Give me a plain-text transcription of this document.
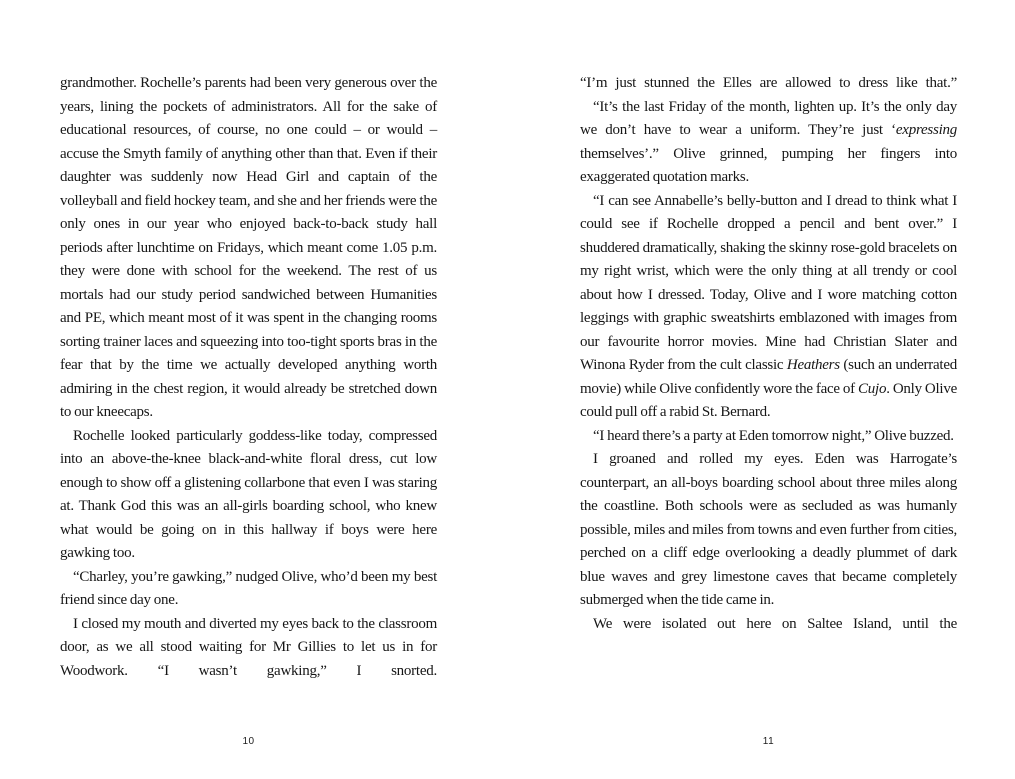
grandmother. Rochelle’s parents had been very generous over the years, lining the pockets of administrators. All for the sake of educational resources, of course, no one could – or would – accuse the Smyth family of anything other than that. Even if their daughter was suddenly now Head Girl and captain of the volleyball and field hockey team, and she and her friends were the only ones in our year who enjoyed back-to-back study hall periods after lunchtime on Fridays, which meant come 1.05 p.m. they were done with school for the weekend. The rest of us mortals had our study period sandwiched between Humanities and PE, which meant most of it was spent in the changing rooms sorting trainer laces and squeezing into too-tight sports bras in the fear that by the time we actually developed anything worth admiring in the chest region, it would already be stretched down to our kneecaps.

Rochelle looked particularly goddess-like today, compressed into an above-the-knee black-and-white floral dress, cut low enough to show off a glistening collarbone that even I was staring at. Thank God this was an all-girls boarding school, who knew what would be going on in this hallway if boys were here gawking too.

“Charley, you’re gawking,” nudged Olive, who’d been my best friend since day one.

I closed my mouth and diverted my eyes back to the classroom door, as we all stood waiting for Mr Gillies to let us in for Woodwork. “I wasn’t gawking,” I snorted.

“I’m just stunned the Elles are allowed to dress like that.”

“It’s the last Friday of the month, lighten up. It’s the only day we don’t have to wear a uniform. They’re just ‘expressing themselves’.” Olive grinned, pumping her fingers into exaggerated quotation marks.

“I can see Annabelle’s belly-button and I dread to think what I could see if Rochelle dropped a pencil and bent over.” I shuddered dramatically, shaking the skinny rose-gold bracelets on my right wrist, which were the only thing at all trendy or cool about how I dressed. Today, Olive and I wore matching cotton leggings with graphic sweatshirts emblazoned with images from our favourite horror movies. Mine had Christian Slater and Winona Ryder from the cult classic Heathers (such an underrated movie) while Olive confidently wore the face of Cujo. Only Olive could pull off a rabid St. Bernard.

“I heard there’s a party at Eden tomorrow night,” Olive buzzed.

I groaned and rolled my eyes. Eden was Harrogate’s counterpart, an all-boys boarding school about three miles along the coastline. Both schools were as secluded as was humanly possible, miles and miles from towns and even further from cities, perched on a cliff edge overlooking a deadly plummet of dark blue waves and grey limestone caves that became completely submerged when the tide came in.

We were isolated out here on Saltee Island, until the

10	11
